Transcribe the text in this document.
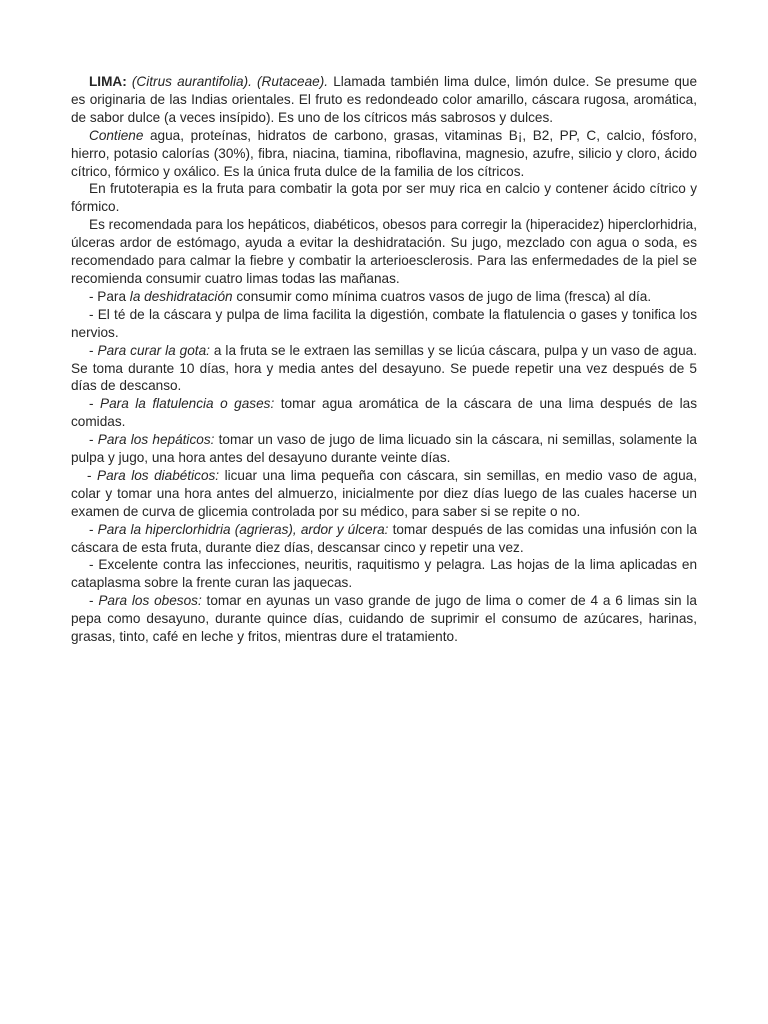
LIMA: (Citrus aurantifolia). (Rutaceae). Llamada también lima dulce, limón dulce. Se presume que es originaria de las Indias orientales. El fruto es redondeado color amarillo, cáscara rugosa, aromática, de sabor dulce (a veces insípido). Es uno de los cítricos más sabrosos y dulces.

Contiene agua, proteínas, hidratos de carbono, grasas, vitaminas B¡, B2, PP, C, calcio, fósforo, hierro, potasio calorías (30%), fibra, niacina, tiamina, riboflavina, magnesio, azufre, silicio y cloro, ácido cítrico, fórmico y oxálico. Es la única fruta dulce de la familia de los cítricos.

En frutoterapia es la fruta para combatir la gota por ser muy rica en calcio y contener ácido cítrico y fórmico.

Es recomendada para los hepáticos, diabéticos, obesos para corregir la (hiperacidez) hiperclorhidria, úlceras ardor de estómago, ayuda a evitar la deshidratación. Su jugo, mezclado con agua o soda, es recomendado para calmar la fiebre y combatir la arterioesclerosis. Para las enfermedades de la piel se recomienda consumir cuatro limas todas las mañanas.

- Para la deshidratación consumir como mínima cuatros vasos de jugo de lima (fresca) al día.

- El té de la cáscara y pulpa de lima facilita la digestión, combate la flatulencia o gases y tonifica los nervios.

- Para curar la gota: a la fruta se le extraen las semillas y se licúa cáscara, pulpa y un vaso de agua. Se toma durante 10 días, hora y media antes del desayuno. Se puede repetir una vez después de 5 días de descanso.

- Para la flatulencia o gases: tomar agua aromática de la cáscara de una lima después de las comidas.

- Para los hepáticos: tomar un vaso de jugo de lima licuado sin la cáscara, ni semillas, solamente la pulpa y jugo, una hora antes del desayuno durante veinte días.

- Para los diabéticos: licuar una lima pequeña con cáscara, sin semillas, en medio vaso de agua, colar y tomar una hora antes del almuerzo, inicialmente por diez días luego de las cuales hacerse un examen de curva de glicemia controlada por su médico, para saber si se repite o no.

- Para la hiperclorhidria (agrieras), ardor y úlcera: tomar después de las comidas una infusión con la cáscara de esta fruta, durante diez días, descansar cinco y repetir una vez.

- Excelente contra las infecciones, neuritis, raquitismo y pelagra. Las hojas de la lima aplicadas en cataplasma sobre la frente curan las jaquecas.

- Para los obesos: tomar en ayunas un vaso grande de jugo de lima o comer de 4 a 6 limas sin la pepa como desayuno, durante quince días, cuidando de suprimir el consumo de azúcares, harinas, grasas, tinto, café en leche y fritos, mientras dure el tratamiento.
